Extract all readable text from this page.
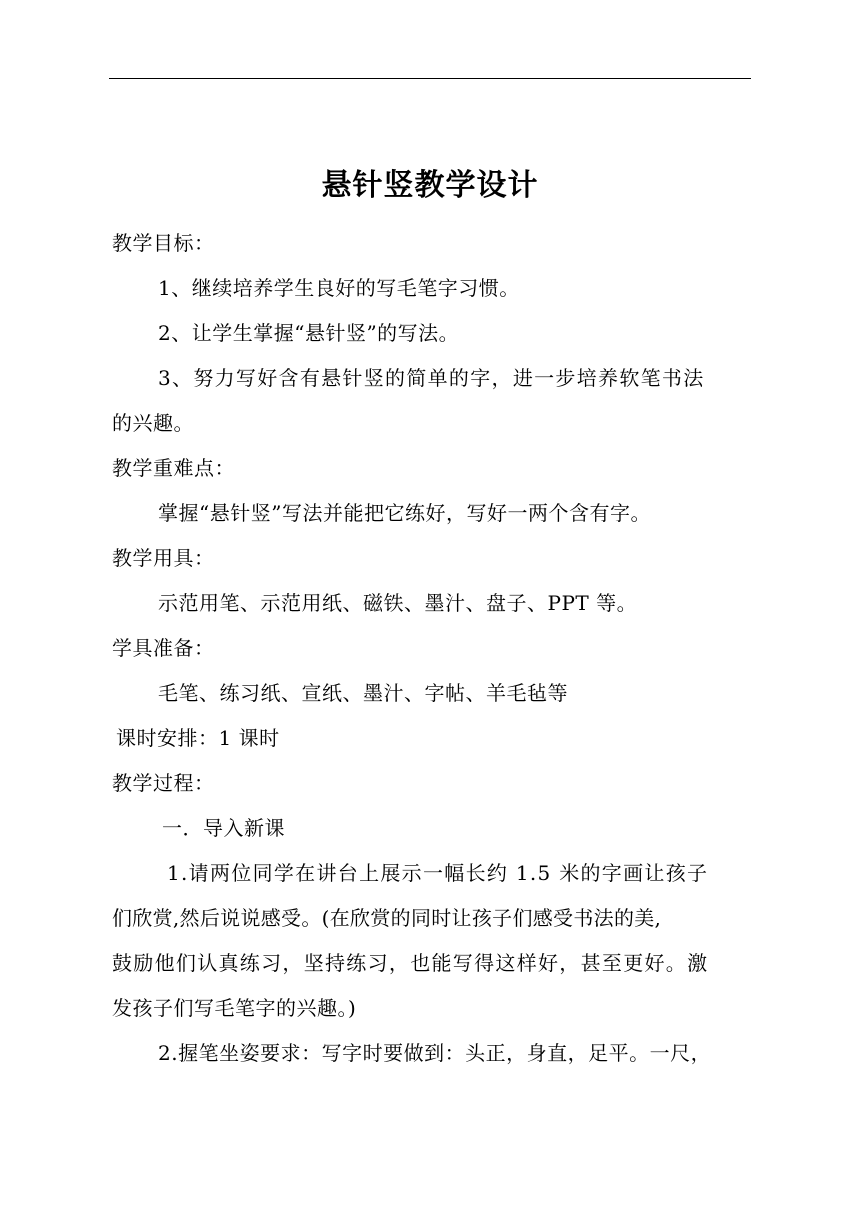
悬针竖教学设计
教学目标：
1、继续培养学生良好的写毛笔字习惯。
2、让学生掌握“悬针竖”的写法。
3、努力写好含有悬针竖的简单的字，进一步培养软笔书法
的兴趣。
教学重难点：
掌握“悬针竖”写法并能把它练好，写好一两个含有字。
教学用具：
示范用笔、示范用纸、磁铁、墨汁、盘子、PPT 等。
学具准备：
毛笔、练习纸、宣纸、墨汁、字帖、羊毛毡等
课时安排：1 课时
教学过程：
一．导入新课
1.请两位同学在讲台上展示一幅长约 1.5 米的字画让孩子
们欣赏,然后说说感受。(在欣赏的同时让孩子们感受书法的美,
鼓励他们认真练习，坚持练习，也能写得这样好，甚至更好。激
发孩子们写毛笔字的兴趣。)
2.握笔坐姿要求：写字时要做到：头正，身直，足平。一尺，
